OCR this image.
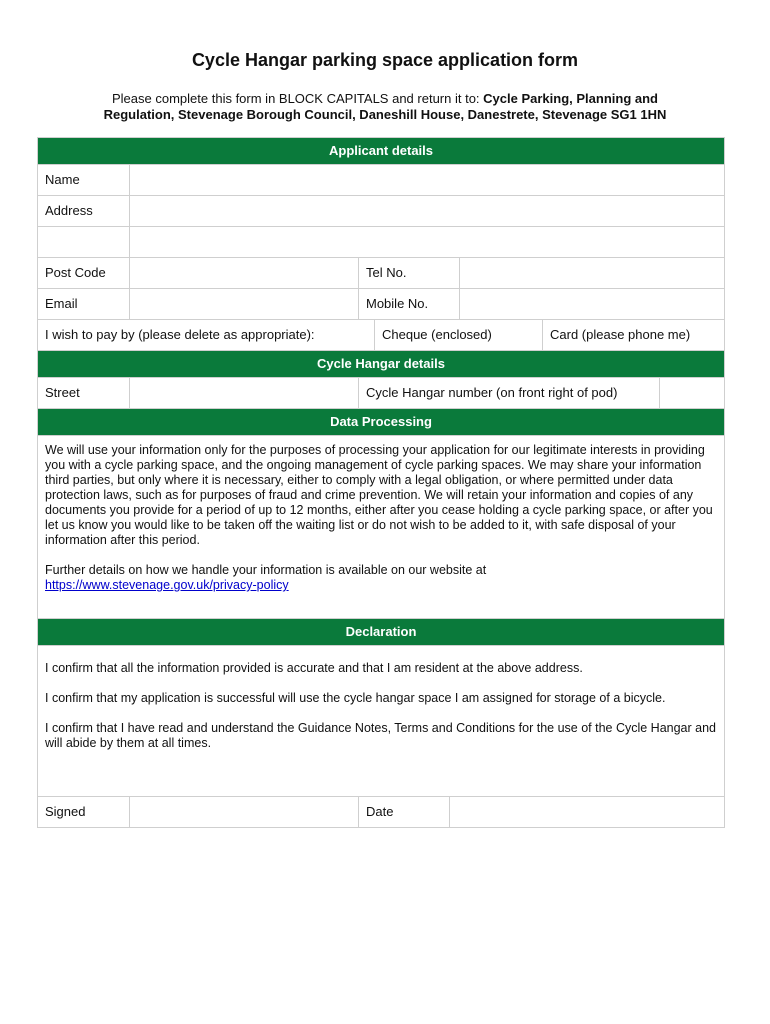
Cycle Hangar parking space application form
Please complete this form in BLOCK CAPITALS and return it to: Cycle Parking, Planning and
Regulation, Stevenage Borough Council, Daneshill House, Danestrete, Stevenage SG1 1HN
Applicant details
Name
Address
Post Code	Tel No.
Email	Mobile No.
I wish to pay by (please delete as appropriate):	Cheque (enclosed)	Card (please phone me)
Cycle Hangar details
Street	Cycle Hangar number (on front right of pod)
Data Processing

We will use your information only for the purposes of processing your application for our legitimate interests in providing you with a cycle parking space, and the ongoing management of cycle parking spaces. We may share your information third parties, but only where it is necessary, either to comply with a legal obligation, or where permitted under data protection laws, such as for purposes of fraud and crime prevention. We will retain your information and copies of any documents you provide for a period of up to 12 months, either after you cease holding a cycle parking space, or after you let us know you would like to be taken off the waiting list or do not wish to be added to it, with safe disposal of your information after this period.

Further details on how we handle your information is available on our website at
https://www.stevenage.gov.uk/privacy-policy

Declaration

I confirm that all the information provided is accurate and that I am resident at the above address.

I confirm that my application is successful will use the cycle hangar space I am assigned for storage of a bicycle.

I confirm that I have read and understand the Guidance Notes, Terms and Conditions for the use of the Cycle Hangar and will abide by them at all times.

Signed	Date
